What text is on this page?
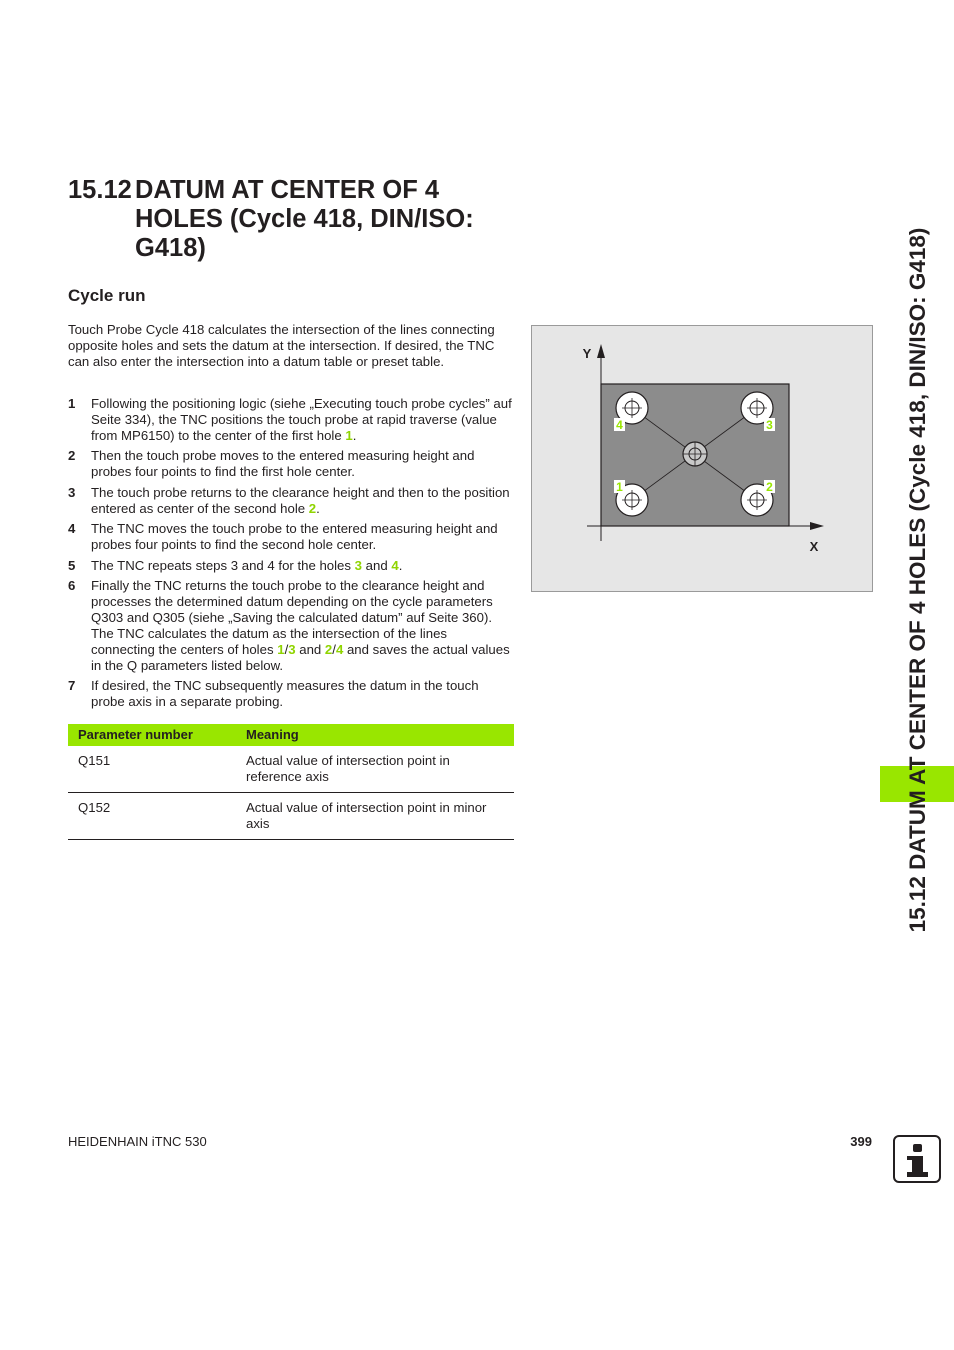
15.12 DATUM AT CENTER OF 4 HOLES (Cycle 418, DIN/ISO: G418)
Cycle run

Touch Probe Cycle 418 calculates the intersection of the lines connecting opposite holes and sets the datum at the intersection. If desired, the TNC can also enter the intersection into a datum table or preset table.

1 Following the positioning logic (siehe „Executing touch probe cycles” auf Seite 334), the TNC positions the touch probe at rapid traverse (value from MP6150) to the center of the first hole 1.
2 Then the touch probe moves to the entered measuring height and probes four points to find the first hole center.
3 The touch probe returns to the clearance height and then to the position entered as center of the second hole 2.
4 The TNC moves the touch probe to the entered measuring height and probes four points to find the second hole center.
5 The TNC repeats steps 3 and 4 for the holes 3 and 4.
6 Finally the TNC returns the touch probe to the clearance height and processes the determined datum depending on the cycle parameters Q303 and Q305 (siehe „Saving the calculated datum” auf Seite 360). The TNC calculates the datum as the intersection of the lines connecting the centers of holes 1/3 and 2/4 and saves the actual values in the Q parameters listed below.
7 If desired, the TNC subsequently measures the datum in the touch probe axis in a separate probing.
Parameter number	Meaning
Q151	Actual value of intersection point in reference axis
Q152	Actual value of intersection point in minor axis
4	3
1	2
Y
X	15.12 DATUM AT CENTER OF 4 HOLES (Cycle 418, DIN/ISO: G418)
HEIDENHAIN iTNC 530	399
